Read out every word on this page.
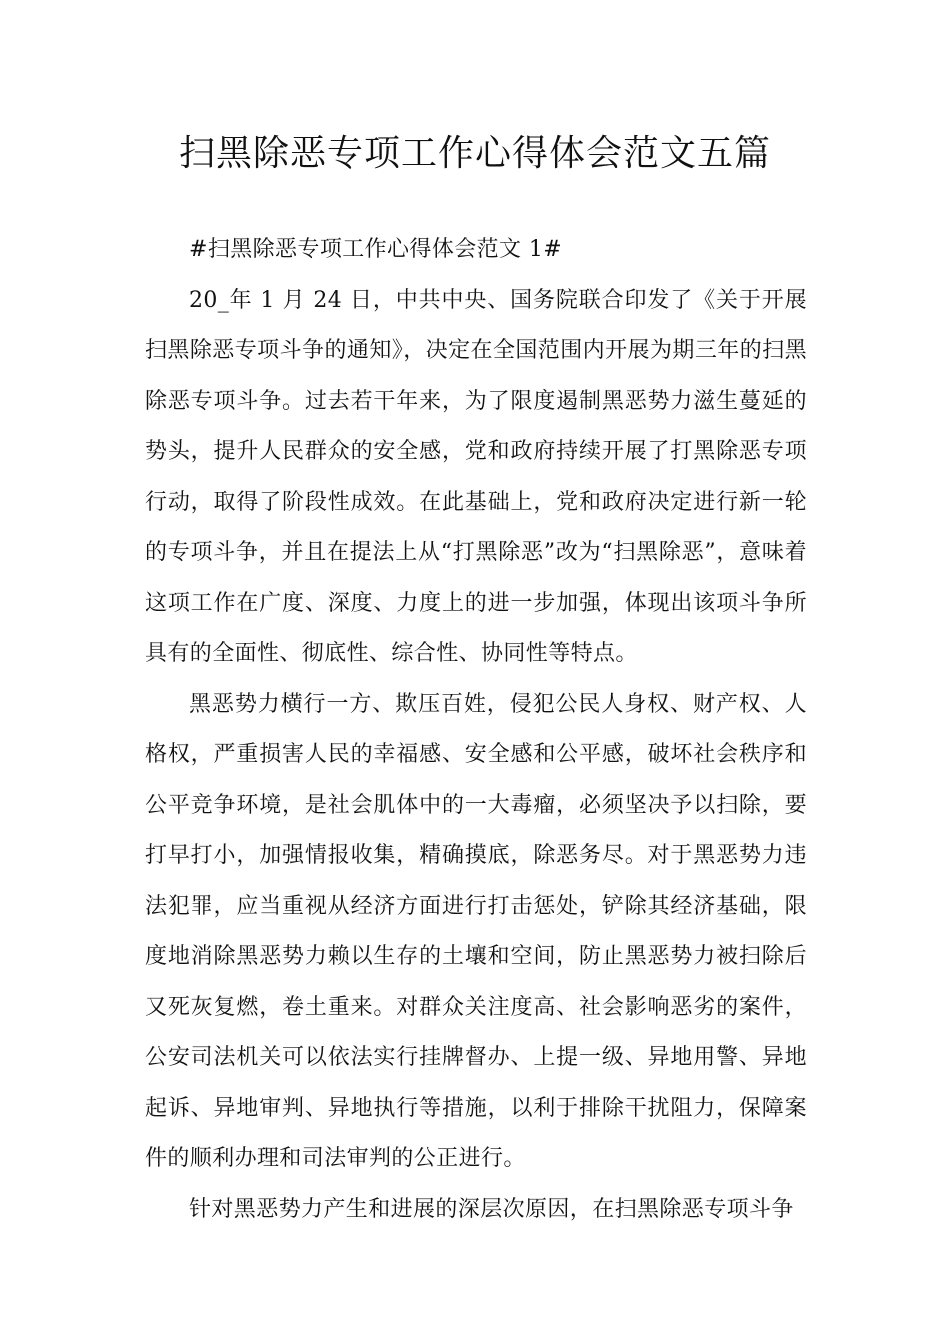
扫黑除恶专项工作心得体会范文五篇

#扫黑除恶专项工作心得体会范文 1#

20_年 1 月 24 日，中共中央、国务院联合印发了《关于开展扫黑除恶专项斗争的通知》，决定在全国范围内开展为期三年的扫黑除恶专项斗争。过去若干年来，为了限度遏制黑恶势力滋生蔓延的势头，提升人民群众的安全感，党和政府持续开展了打黑除恶专项行动，取得了阶段性成效。在此基础上，党和政府决定进行新一轮的专项斗争，并且在提法上从“打黑除恶”改为“扫黑除恶”，意味着这项工作在广度、深度、力度上的进一步加强，体现出该项斗争所具有的全面性、彻底性、综合性、协同性等特点。

黑恶势力横行一方、欺压百姓，侵犯公民人身权、财产权、人格权，严重损害人民的幸福感、安全感和公平感，破坏社会秩序和公平竞争环境，是社会肌体中的一大毒瘤，必须坚决予以扫除，要打早打小，加强情报收集，精确摸底，除恶务尽。对于黑恶势力违法犯罪，应当重视从经济方面进行打击惩处，铲除其经济基础，限度地消除黑恶势力赖以生存的土壤和空间，防止黑恶势力被扫除后又死灰复燃，卷土重来。对群众关注度高、社会影响恶劣的案件，公安司法机关可以依法实行挂牌督办、上提一级、异地用警、异地起诉、异地审判、异地执行等措施，以利于排除干扰阻力，保障案件的顺利办理和司法审判的公正进行。

针对黑恶势力产生和进展的深层次原因，在扫黑除恶专项斗争
